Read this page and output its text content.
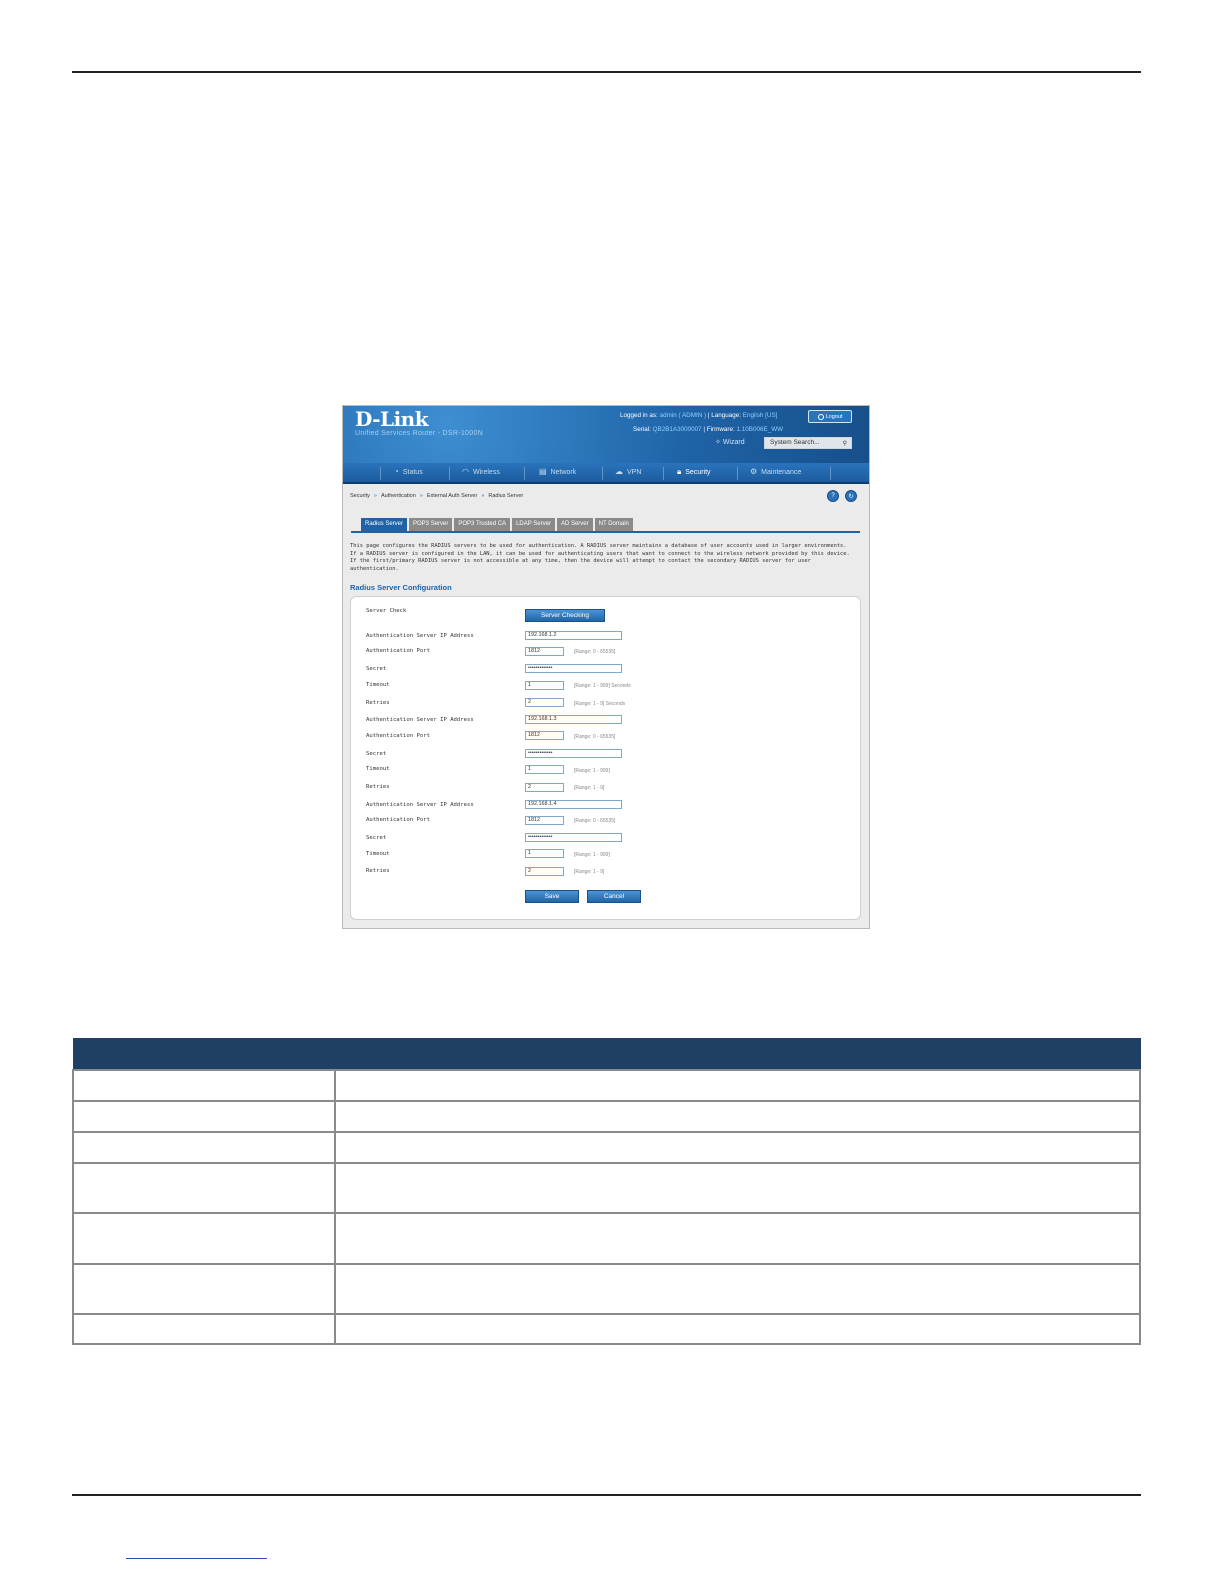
D-Link
Unified Services Router - DSR-1000N
Logged in as: admin ( ADMIN ) | Language: English [US]	Logout
Serial: QB2B1A3000007 | Firmware: 1.10B006E_WW
✧ Wizard	System Search...	⚲
◔ Status	◠ Wireless	▤ Network	☁ VPN	🔒︎ Security	⚙ Maintenance
Security » Authentication » External Auth Server » Radius Server	?	↻
Radius Server	POP3 Server	POP3 Trusted CA	LDAP Server	AD Server	NT Domain
This page configures the RADIUS servers to be used for authentication. A RADIUS server maintains a database of user accounts used in larger environments. If a RADIUS server is configured in the LAN, it can be used for authenticating users that want to connect to the wireless network provided by this device. If the first/primary RADIUS server is not accessible at any time, then the device will attempt to contact the secondary RADIUS server for user authentication.
Radius Server Configuration
Server Check
Server Checking
Authentication Server IP Address	192.168.1.2
Authentication Port	1812	[Range: 0 - 65535]
Secret	•••••••••••••
Timeout	1	[Range: 1 - 999] Seconds
Retries	2	[Range: 1 - 9] Seconds
Authentication Server IP Address	192.168.1.3
Authentication Port	1812	[Range: 0 - 65535]
Secret	•••••••••••••
Timeout	1	[Range: 1 - 999]
Retries	2	[Range: 1 - 9]
Authentication Server IP Address	192.168.1.4
Authentication Port	1812	[Range: 0 - 65535]
Secret	•••••••••••••
Timeout	1	[Range: 1 - 999]
Retries	2	[Range: 1 - 9]
Save	Cancel
